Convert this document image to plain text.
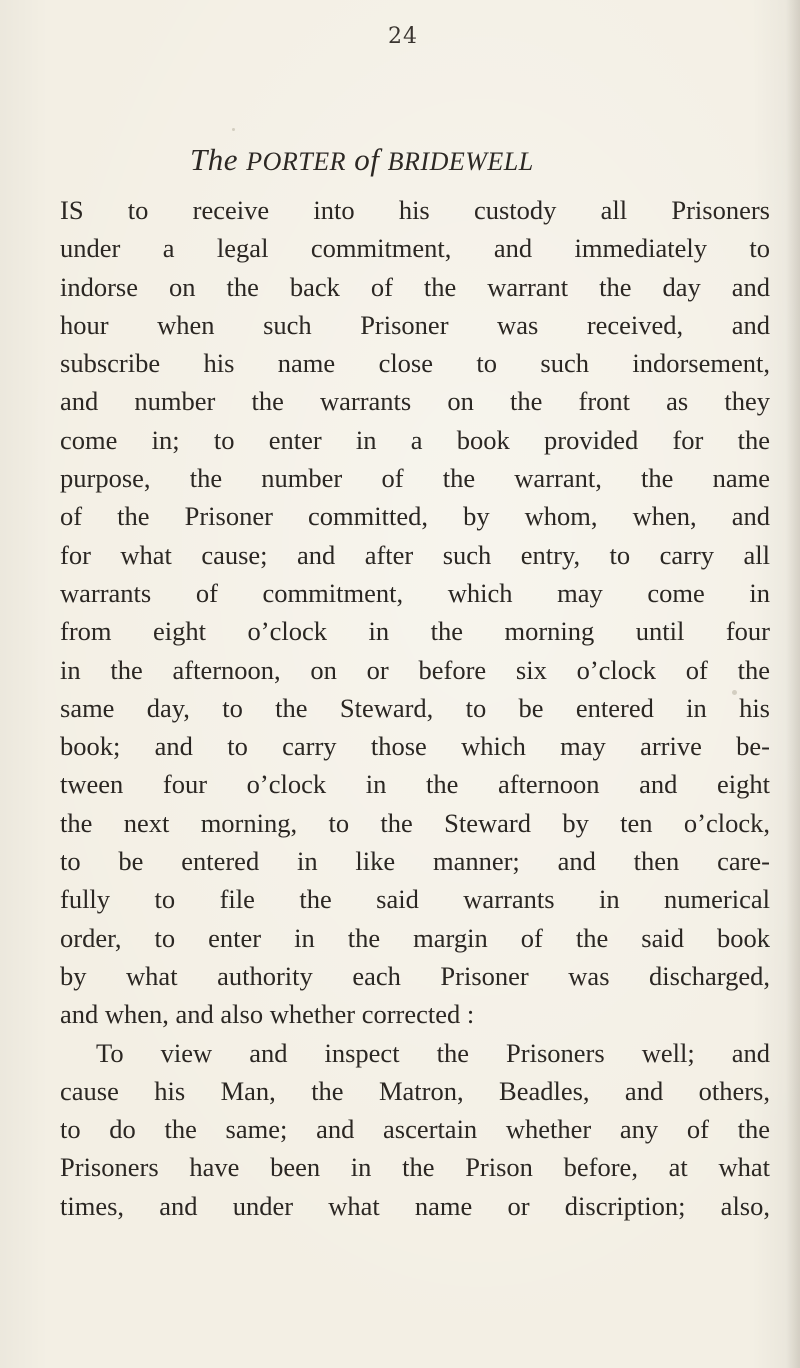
24
The PORTER of BRIDEWELL
IS to receive into his custody all Prisoners
under a legal commitment, and immediately to
indorse on the back of the warrant the day and
hour when such Prisoner was received, and
subscribe his name close to such indorsement,
and number the warrants on the front as they
come in; to enter in a book provided for the
purpose, the number of the warrant, the name
of the Prisoner committed, by whom, when, and
for what cause; and after such entry, to carry all
warrants of commitment, which may come in
from eight o’clock in the morning until four
in the afternoon, on or before six o’clock of the
same day, to the Steward, to be entered in his
book; and to carry those which may arrive be-
tween four o’clock in the afternoon and eight
the next morning, to the Steward by ten o’clock,
to be entered in like manner; and then care-
fully to file the said warrants in numerical
order, to enter in the margin of the said book
by what authority each Prisoner was discharged,
and when, and also whether corrected :
To view and inspect the Prisoners well; and
cause his Man, the Matron, Beadles, and others,
to do the same; and ascertain whether any of the
Prisoners have been in the Prison before, at what
times, and under what name or discription; also,
